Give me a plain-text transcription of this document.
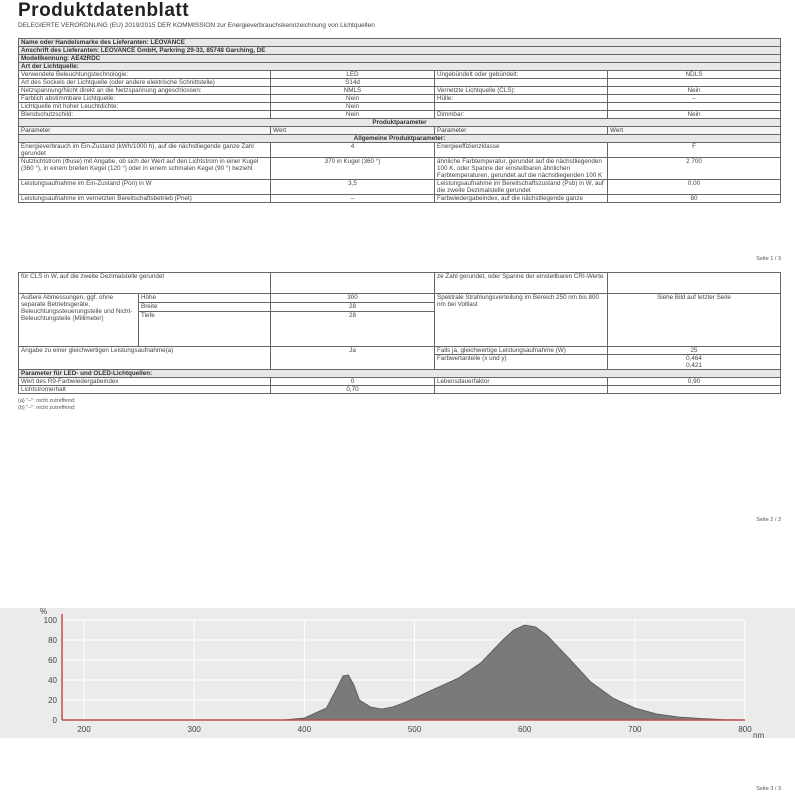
Produktdatenblatt
DELEGIERTE VERORDNUNG (EU) 2019/2015 DER KOMMISSION zur Energieverbrauchskennzeichnung von Lichtquellen
Name oder Handelsmarke des Lieferanten: LEOVANCE			
Anschrift des Lieferanten: LEOVANCE GmbH, Parkring 29-33, 85748 Garching, DE			
Modellkennung: AE42RDC			
Art der Lichtquelle:			
Verwendete Beleuchtungstechnologie:	LED	Ungebündelt oder gebündelt:	NDLS
Art des Sockels der Lichtquelle (oder andere elektrische Schnittstelle)	S14d		
Netzspannung/Nicht direkt an die Netzspannung angeschlossen:	NMLS	Vernetzte Lichtquelle (CLS):	Nein
Farblich abstimmbare Lichtquelle:	Nein	Hülle:	–
Lichtquelle mit hoher Leuchtdichte:	Nein		
Blendschutzschild:	Nein	Dimmbar:	Nein
Produktparameter			
Parameter	Wert	Parameter	Wert
Allgemeine Produktparameter:			
Energieverbrauch im Ein-Zustand (kWh/1000 h), auf die nächstliegende ganze Zahl gerundet	4	Energieeffizienzklasse	F
Nutzlichtstrom (Φuse) mit Angabe, ob sich der Wert auf den Lichtstrom in einer Kugel (360 °), in einem breiten Kegel (120 °) oder in einem schmalen Kegel (90 °) bezieht	370 in Kugel (360 °)	ähnliche Farbtemperatur, gerundet auf die nächstliegenden 100 K, oder Spanne der einstellbaren ähnlichen Farbtemperaturen, gerundet auf die nächstliegenden 100 K	2 700
Leistungsaufnahme im Ein-Zustand (Pon) in W	3,5	Leistungsaufnahme im Bereitschaftszustand (Psb) in W, auf die zweite Dezimalstelle gerundet	0,00
Leistungsaufnahme im vernetzten Bereitschaftsbetrieb (Pnet)	–	Farbwiedergabeindex, auf die nächstliegende ganze	80
Seite 1 / 3
für CLS in W, auf die zweite Dezimalstelle gerundet			ze Zahl gerundet, oder Spanne der einstellbaren CRI-Werte	
Äußere Abmessungen, ggf. ohne separate Betriebsgeräte, Beleuchtungssteuerungsteile und Nicht-Beleuchtungsteile (Millimeter)	Höhe	300	Spektrale Strahlungsverteilung im Bereich 250 nm bis 800 nm bei Volllast	Siehe Bild auf letzter Seite
	Breite	28		
	Tiefe	28		
Angabe zu einer gleichwertigen Leistungsaufnahme(a)		Ja	Falls ja, gleichwertige Leistungsaufnahme (W)	25
			Farbwertanteile (x und y)	0,464
0,421
Parameter für LED- und OLED-Lichtquellen:				
Wert des R9-Farbwiedergabeindex		0	Lebensdauerfaktor	0,90
Lichtstromerhalt		0,70		
(a) "–": nicht zutreffend;
(b) "–": nicht zutreffend;
Seite 2 / 3
0
20
40
60
80
100
200	300	400	500	600	700	800
%
nm
Seite 3 / 3
